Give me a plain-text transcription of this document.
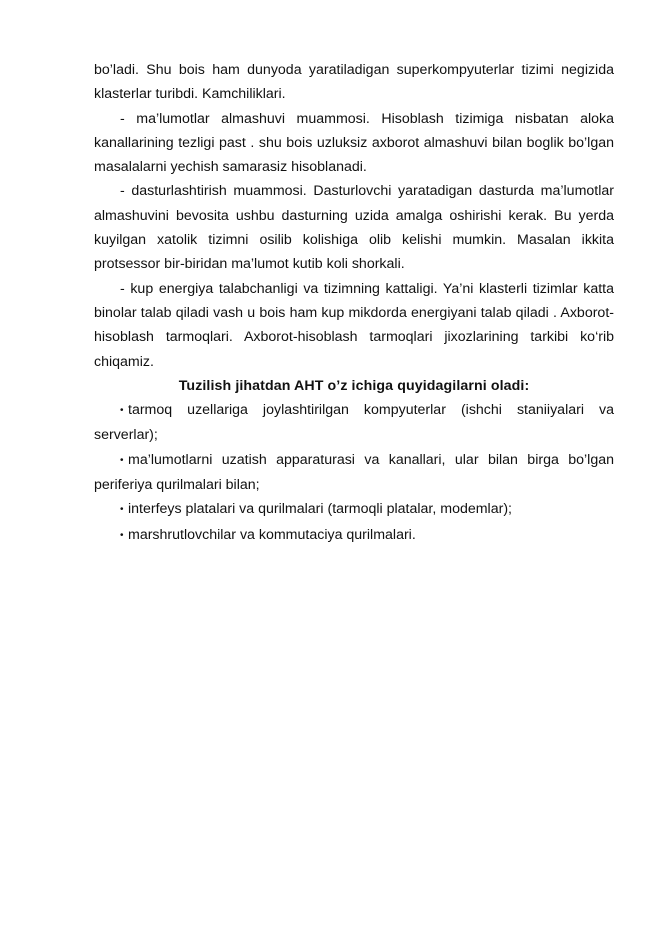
bo’ladi. Shu bois ham dunyoda yaratiladigan superkompyuterlar tizimi negizida klasterlar turibdi. Kamchiliklari.

- ma’lumotlar almashuvi muammosi. Hisoblash tizimiga nisbatan aloka kanallarining tezligi past . shu bois uzluksiz axborot almashuvi bilan boglik bo’lgan masalalarni yechish samarasiz hisoblanadi.

- dasturlashtirish muammosi. Dasturlovchi yaratadigan dasturda ma’lumotlar almashuvini bevosita ushbu dasturning uzida amalga oshirishi kerak. Bu yerda kuyilgan xatolik tizimni osilib kolishiga olib kelishi mumkin. Masalan ikkita protsessor bir-biridan ma’lumot kutib koli shorkali.

- kup energiya talabchanligi va tizimning kattaligi. Ya’ni klasterli tizimlar katta binolar talab qiladi vash u bois ham kup mikdorda energiyani talab qiladi . Axborot-hisoblash tarmoqlari. Axborot-hisoblash tarmoqlari jixozlarining tarkibi ko‘rib chiqamiz.

Tuzilish jihatdan AHT o’z ichiga quyidagilarni oladi:

• tarmoq uzellariga joylashtirilgan kompyuterlar (ishchi staniiyalari va serverlar);

• ma’lumotlarni uzatish apparaturasi va kanallari, ular bilan birga bo’lgan periferiya qurilmalari bilan;

• interfeys platalari va qurilmalari (tarmoqli platalar, modemlar);

• marshrutlovchilar va kommutaciya qurilmalari.
